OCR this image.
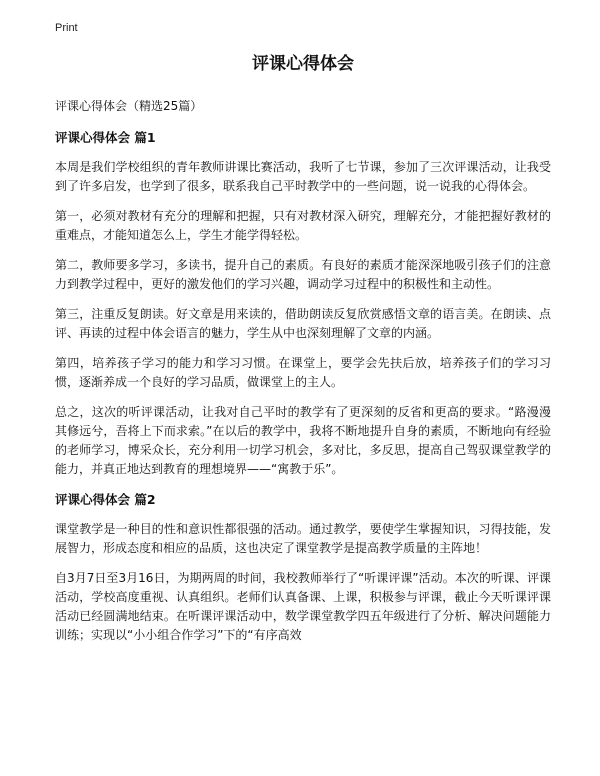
Print
评课心得体会
评课心得体会（精选25篇）
评课心得体会 篇1

本周是我们学校组织的青年教师讲课比赛活动，我听了七节课，参加了三次评课活动，让我受到了许多启发，也学到了很多，联系我自己平时教学中的一些问题，说一说我的心得体会。

第一，必须对教材有充分的理解和把握，只有对教材深入研究，理解充分，才能把握好教材的重难点，才能知道怎么上，学生才能学得轻松。

第二，教师要多学习，多读书，提升自己的素质。有良好的素质才能深深地吸引孩子们的注意力到教学过程中，更好的激发他们的学习兴趣，调动学习过程中的积极性和主动性。

第三，注重反复朗读。好文章是用来读的，借助朗读反复欣赏感悟文章的语言美。在朗读、点评、再读的过程中体会语言的魅力，学生从中也深刻理解了文章的内涵。

第四，培养孩子学习的能力和学习习惯。在课堂上，要学会先扶后放，培养孩子们的学习习惯，逐渐养成一个良好的学习品质，做课堂上的主人。

总之，这次的听评课活动，让我对自己平时的教学有了更深刻的反省和更高的要求。“路漫漫其修远兮，吾将上下而求索。”在以后的教学中，我将不断地提升自身的素质，不断地向有经验的老师学习，博采众长，充分利用一切学习机会，多对比，多反思，提高自己驾驭课堂教学的能力，并真正地达到教育的理想境界——“寓教于乐”。

评课心得体会 篇2

课堂教学是一种目的性和意识性都很强的活动。通过教学，要使学生掌握知识，习得技能，发展智力，形成态度和相应的品质，这也决定了课堂教学是提高教学质量的主阵地！

自3月7日至3月16日，为期两周的时间，我校教师举行了“听课评课”活动。本次的听课、评课活动，学校高度重视、认真组织。老师们认真备课、上课，积极参与评课，截止今天听课评课活动已经圆满地结束。在听课评课活动中，数学课堂教学四五年级进行了分析、解决问题能力训练；实现以“小小组合作学习”下的“有序高效
